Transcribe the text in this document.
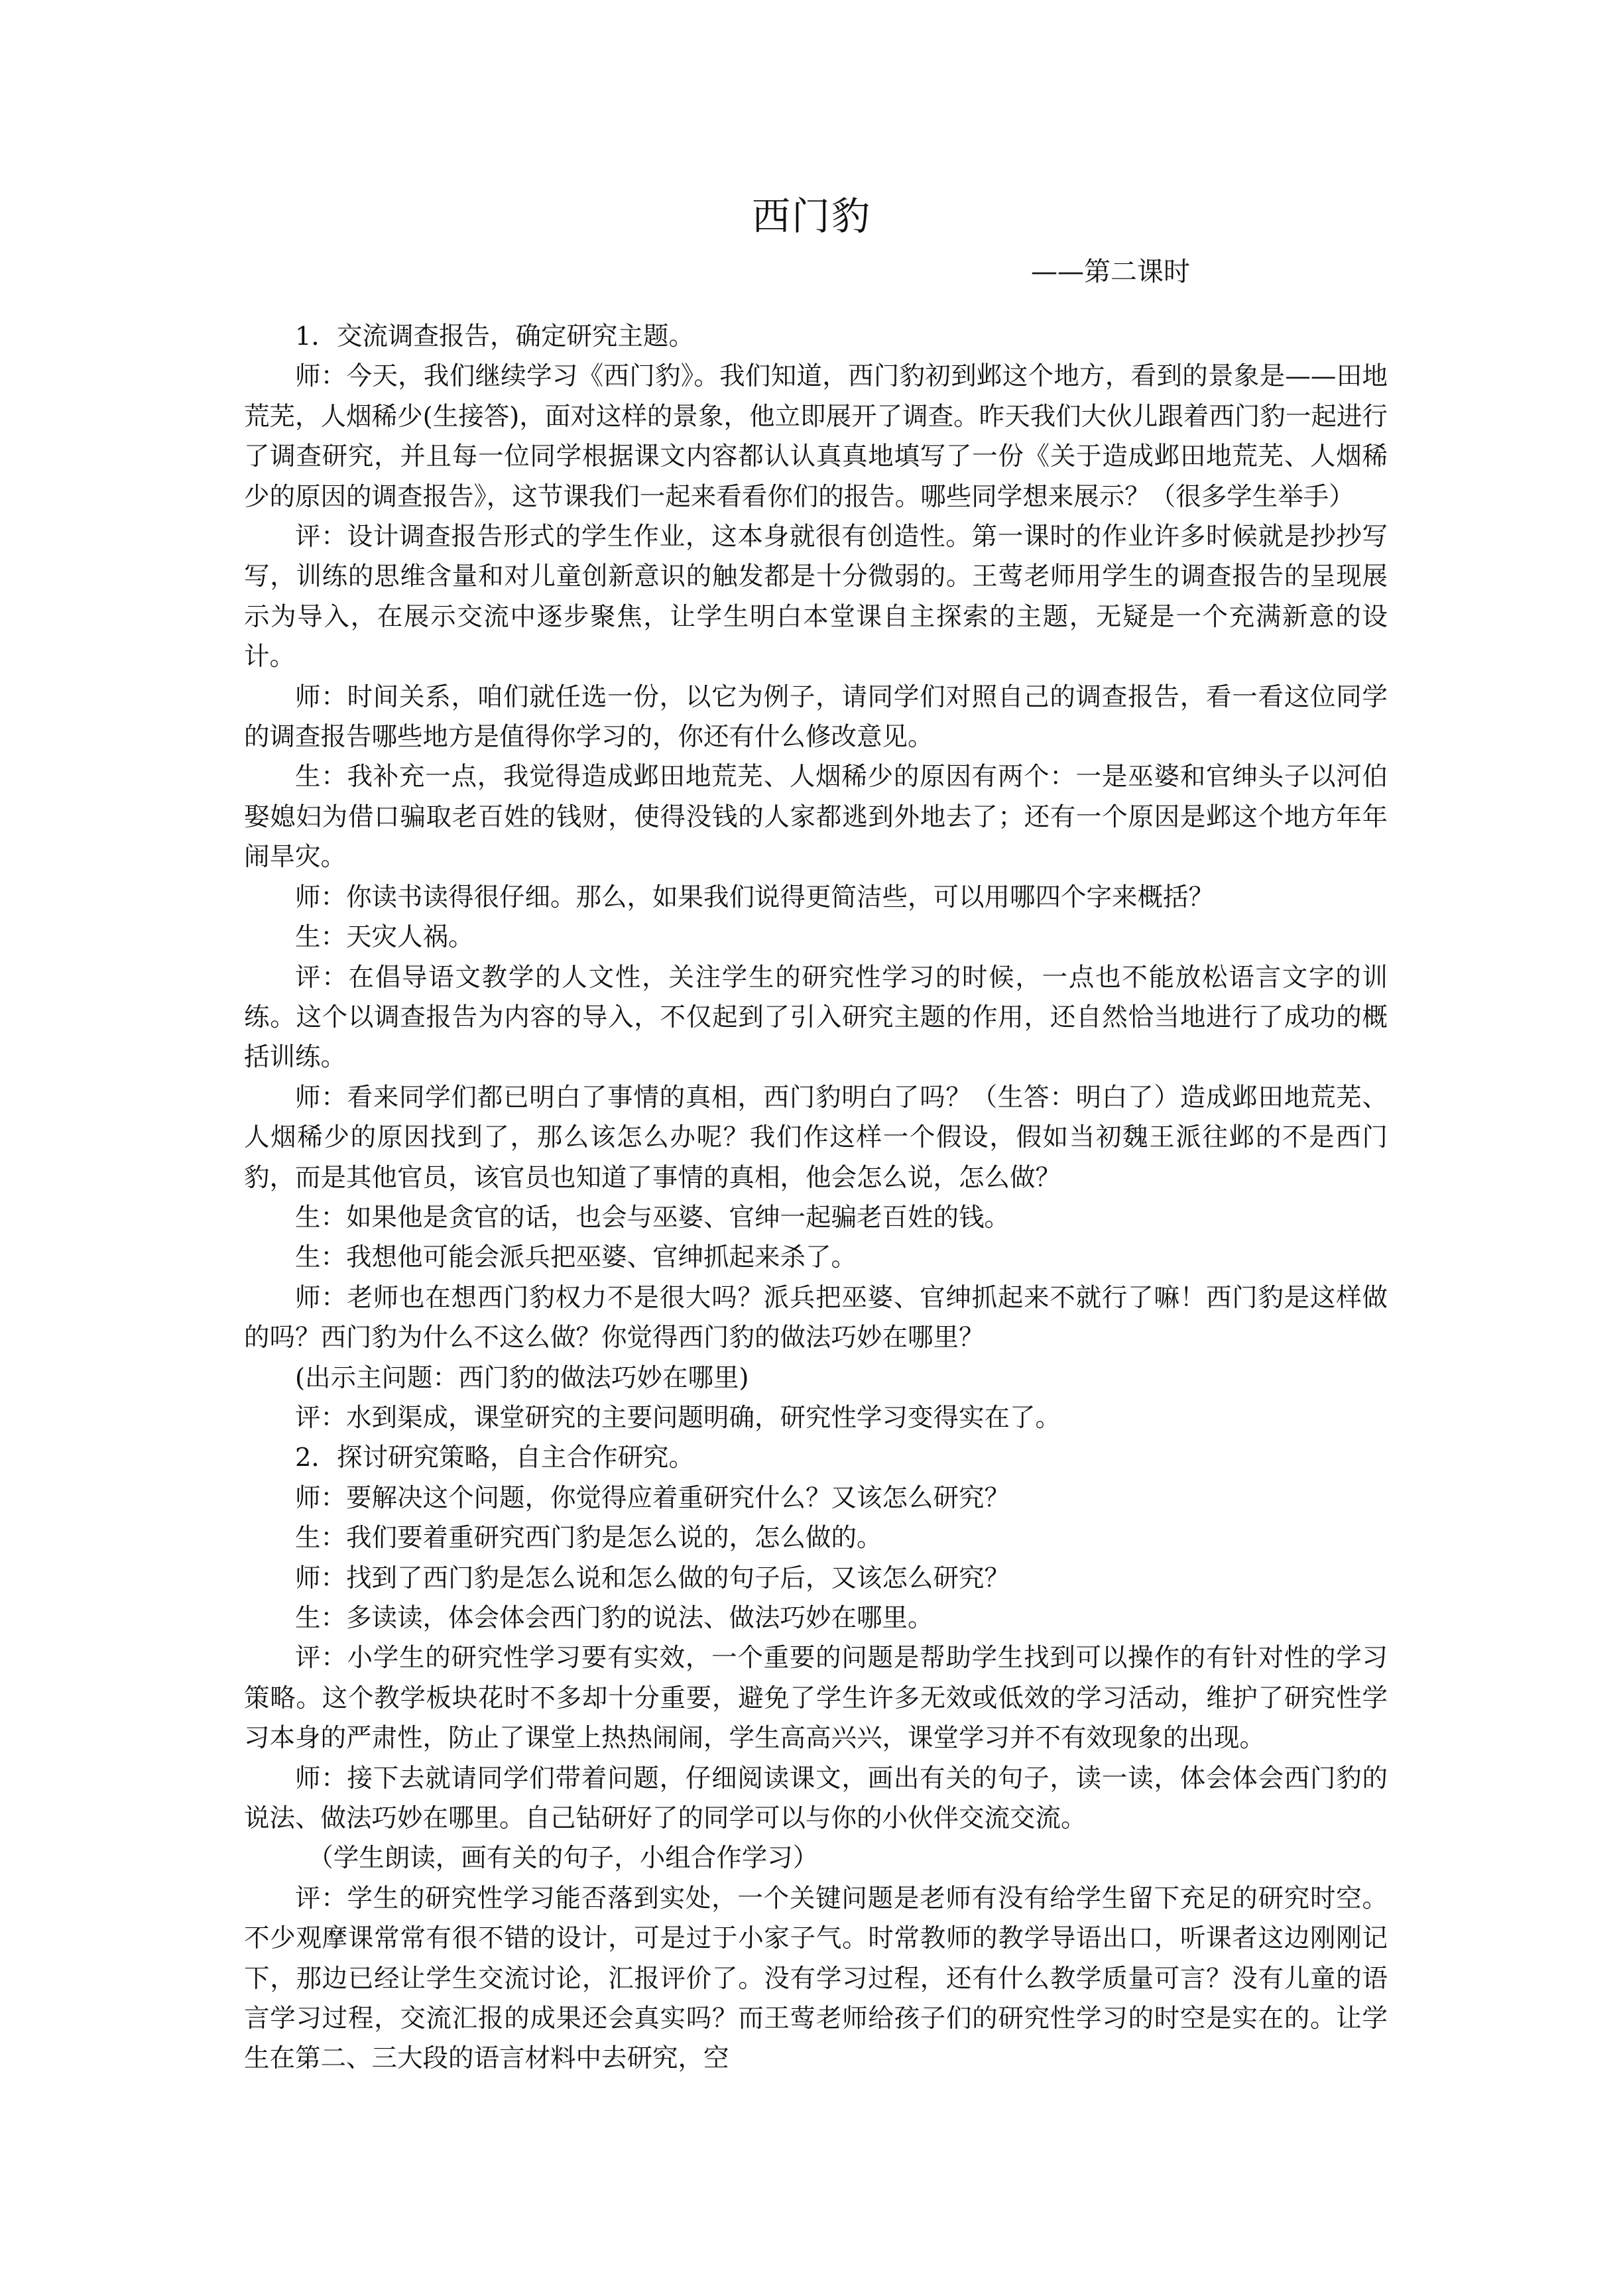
西门豹
——第二课时

1．交流调查报告，确定研究主题。

师：今天，我们继续学习《西门豹》。我们知道，西门豹初到邺这个地方，看到的景象是——田地荒芜，人烟稀少(生接答)，面对这样的景象，他立即展开了调查。昨天我们大伙儿跟着西门豹一起进行了调查研究，并且每一位同学根据课文内容都认认真真地填写了一份《关于造成邺田地荒芜、人烟稀少的原因的调查报告》，这节课我们一起来看看你们的报告。哪些同学想来展示？（很多学生举手）

评：设计调查报告形式的学生作业，这本身就很有创造性。第一课时的作业许多时候就是抄抄写写，训练的思维含量和对儿童创新意识的触发都是十分微弱的。王莺老师用学生的调查报告的呈现展示为导入，在展示交流中逐步聚焦，让学生明白本堂课自主探索的主题，无疑是一个充满新意的设计。

师：时间关系，咱们就任选一份，以它为例子，请同学们对照自己的调查报告，看一看这位同学的调查报告哪些地方是值得你学习的，你还有什么修改意见。

生：我补充一点，我觉得造成邺田地荒芜、人烟稀少的原因有两个：一是巫婆和官绅头子以河伯娶媳妇为借口骗取老百姓的钱财，使得没钱的人家都逃到外地去了；还有一个原因是邺这个地方年年闹旱灾。

师：你读书读得很仔细。那么，如果我们说得更简洁些，可以用哪四个字来概括？

生：天灾人祸。

评：在倡导语文教学的人文性，关注学生的研究性学习的时候，一点也不能放松语言文字的训练。这个以调查报告为内容的导入，不仅起到了引入研究主题的作用，还自然恰当地进行了成功的概括训练。

师：看来同学们都已明白了事情的真相，西门豹明白了吗？（生答：明白了）造成邺田地荒芜、人烟稀少的原因找到了，那么该怎么办呢？我们作这样一个假设，假如当初魏王派往邺的不是西门豹，而是其他官员，该官员也知道了事情的真相，他会怎么说，怎么做？

生：如果他是贪官的话，也会与巫婆、官绅一起骗老百姓的钱。

生：我想他可能会派兵把巫婆、官绅抓起来杀了。

师：老师也在想西门豹权力不是很大吗？派兵把巫婆、官绅抓起来不就行了嘛！西门豹是这样做的吗？西门豹为什么不这么做？你觉得西门豹的做法巧妙在哪里？

(出示主问题：西门豹的做法巧妙在哪里)

评：水到渠成，课堂研究的主要问题明确，研究性学习变得实在了。

2．探讨研究策略，自主合作研究。

师：要解决这个问题，你觉得应着重研究什么？又该怎么研究？

生：我们要着重研究西门豹是怎么说的，怎么做的。

师：找到了西门豹是怎么说和怎么做的句子后，又该怎么研究？

生：多读读，体会体会西门豹的说法、做法巧妙在哪里。

评：小学生的研究性学习要有实效，一个重要的问题是帮助学生找到可以操作的有针对性的学习策略。这个教学板块花时不多却十分重要，避免了学生许多无效或低效的学习活动，维护了研究性学习本身的严肃性，防止了课堂上热热闹闹，学生高高兴兴，课堂学习并不有效现象的出现。

师：接下去就请同学们带着问题，仔细阅读课文，画出有关的句子，读一读，体会体会西门豹的说法、做法巧妙在哪里。自己钻研好了的同学可以与你的小伙伴交流交流。

（学生朗读，画有关的句子，小组合作学习）

评：学生的研究性学习能否落到实处，一个关键问题是老师有没有给学生留下充足的研究时空。不少观摩课常常有很不错的设计，可是过于小家子气。时常教师的教学导语出口，听课者这边刚刚记下，那边已经让学生交流讨论，汇报评价了。没有学习过程，还有什么教学质量可言？没有儿童的语言学习过程，交流汇报的成果还会真实吗？而王莺老师给孩子们的研究性学习的时空是实在的。让学生在第二、三大段的语言材料中去研究，空
